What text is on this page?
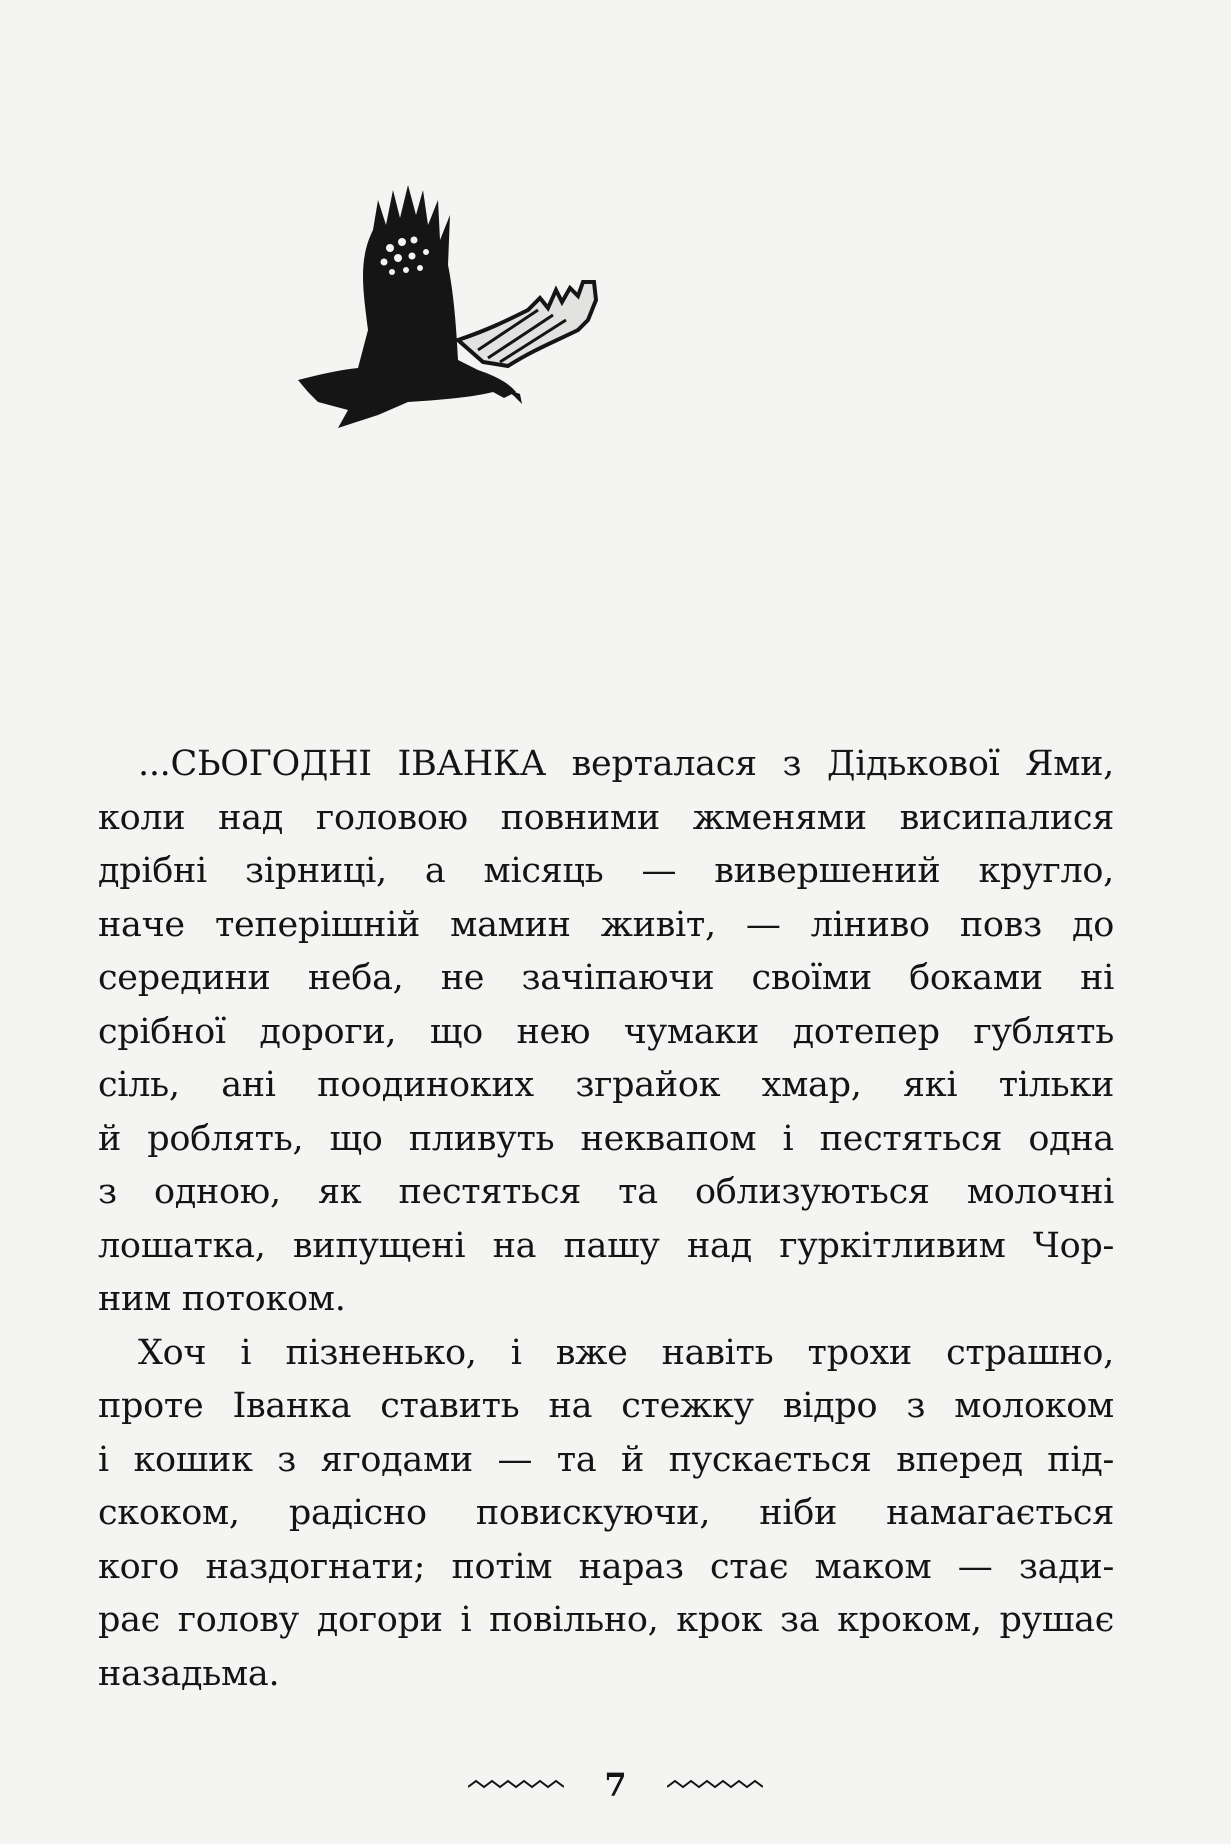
...СЬОГОДНІ ІВАНКА верталася з Дідькової Ями,
коли над головою повними жменями висипалися
дрібні зірниці, а місяць — вивершений кругло,
наче теперішній мамин живіт, — ліниво повз до
середини неба, не зачіпаючи своїми боками ні
срібної дороги, що нею чумаки дотепер гублять
сіль, ані поодиноких зграйок хмар, які тільки
й роблять, що пливуть неквапом і пестяться одна
з одною, як пестяться та облизуються молочні
лошатка, випущені на пашу над гуркітливим Чор-
ним потоком.
Хоч і пізненько, і вже навіть трохи страшно,
проте Іванка ставить на стежку відро з молоком
і кошик з ягодами — та й пускається вперед під-
скоком, радісно повискуючи, ніби намагається
кого наздогнати; потім нараз стає маком — зади-
рає голову догори і повільно, крок за кроком, рушає
назадьма.
7
